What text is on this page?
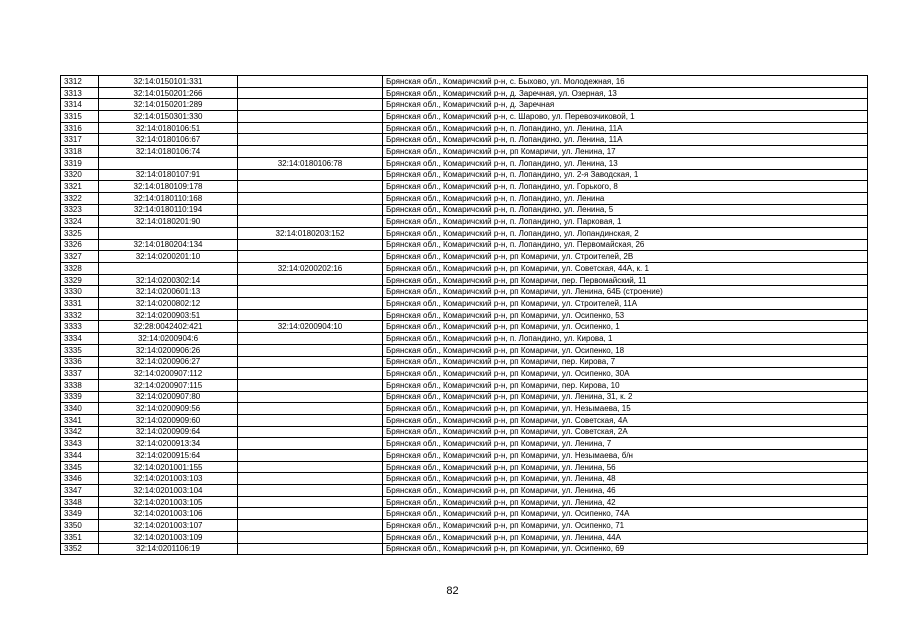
3312	32:14:0150101:331		Брянская обл., Комаричский р-н, с. Быхово, ул. Молодежная, 16
3313	32:14:0150201:266		Брянская обл., Комаричский р-н, д. Заречная, ул. Озерная, 13
3314	32:14:0150201:289		Брянская обл., Комаричский р-н, д. Заречная
3315	32:14:0150301:330		Брянская обл., Комаричский р-н, с. Шарово, ул. Перевозчиковой, 1
3316	32:14:0180106:51		Брянская обл., Комаричский р-н, п. Лопандино, ул. Ленина, 11А
3317	32:14:0180106:67		Брянская обл., Комаричский р-н, п. Лопандино, ул. Ленина, 11А
3318	32:14:0180106:74		Брянская обл., Комаричский р-н, рп Комаричи, ул. Ленина, 17
3319		32:14:0180106:78	Брянская обл., Комаричский р-н, п. Лопандино, ул. Ленина, 13
3320	32:14:0180107:91		Брянская обл., Комаричский р-н, п. Лопандино, ул. 2-я Заводская, 1
3321	32:14:0180109:178		Брянская обл., Комаричский р-н, п. Лопандино, ул. Горького, 8
3322	32:14:0180110:168		Брянская обл., Комаричский р-н, п. Лопандино, ул. Ленина
3323	32:14:0180110:194		Брянская обл., Комаричский р-н, п. Лопандино, ул. Ленина, 5
3324	32:14:0180201:90		Брянская обл., Комаричский р-н, п. Лопандино, ул. Парковая, 1
3325		32:14:0180203:152	Брянская обл., Комаричский р-н, п. Лопандино, ул. Лопандинская, 2
3326	32:14:0180204:134		Брянская обл., Комаричский р-н, п. Лопандино, ул. Первомайская, 26
3327	32:14:0200201:10		Брянская обл., Комаричский р-н, рп Комаричи, ул. Строителей, 2В
3328		32:14:0200202:16	Брянская обл., Комаричский р-н, рп Комаричи, ул. Советская, 44А, к. 1
3329	32:14:0200302:14		Брянская обл., Комаричский р-н, рп Комаричи, пер. Первомайский, 11
3330	32:14:0200601:13		Брянская обл., Комаричский р-н, рп Комаричи, ул. Ленина, 64Б (строение)
3331	32:14:0200802:12		Брянская обл., Комаричский р-н, рп Комаричи, ул. Строителей, 11А
3332	32:14:0200903:51		Брянская обл., Комаричский р-н, рп Комаричи, ул. Осипенко, 53
3333	32:28:0042402:421	32:14:0200904:10	Брянская обл., Комаричский р-н, рп Комаричи, ул. Осипенко, 1
3334	32:14:0200904:6		Брянская обл., Комаричский р-н, п. Лопандино, ул. Кирова, 1
3335	32:14:0200906:26		Брянская обл., Комаричский р-н, рп Комаричи, ул. Осипенко, 18
3336	32:14:0200906:27		Брянская обл., Комаричский р-н, рп Комаричи, пер. Кирова, 7
3337	32:14:0200907:112		Брянская обл., Комаричский р-н, рп Комаричи, ул. Осипенко, 30А
3338	32:14:0200907:115		Брянская обл., Комаричский р-н, рп Комаричи, пер. Кирова, 10
3339	32:14:0200907:80		Брянская обл., Комаричский р-н, рп Комаричи, ул. Ленина, 31, к. 2
3340	32:14:0200909:56		Брянская обл., Комаричский р-н, рп Комаричи, ул. Незымаева, 15
3341	32:14:0200909:60		Брянская обл., Комаричский р-н, рп Комаричи, ул. Советская, 4А
3342	32:14:0200909:64		Брянская обл., Комаричский р-н, рп Комаричи, ул. Советская, 2А
3343	32:14:0200913:34		Брянская обл., Комаричский р-н, рп Комаричи, ул. Ленина, 7
3344	32:14:0200915:64		Брянская обл., Комаричский р-н, рп Комаричи, ул. Незымаева, б/н
3345	32:14:0201001:155		Брянская обл., Комаричский р-н, рп Комаричи, ул. Ленина, 56
3346	32:14:0201003:103		Брянская обл., Комаричский р-н, рп Комаричи, ул. Ленина, 48
3347	32:14:0201003:104		Брянская обл., Комаричский р-н, рп Комаричи, ул. Ленина, 46
3348	32:14:0201003:105		Брянская обл., Комаричский р-н, рп Комаричи, ул. Ленина, 42
3349	32:14:0201003:106		Брянская обл., Комаричский р-н, рп Комаричи, ул. Осипенко, 74А
3350	32:14:0201003:107		Брянская обл., Комаричский р-н, рп Комаричи, ул. Осипенко, 71
3351	32:14:0201003:109		Брянская обл., Комаричский р-н, рп Комаричи, ул. Ленина, 44А
3352	32:14:0201106:19		Брянская обл., Комаричский р-н, рп Комаричи, ул. Осипенко, 69
82
